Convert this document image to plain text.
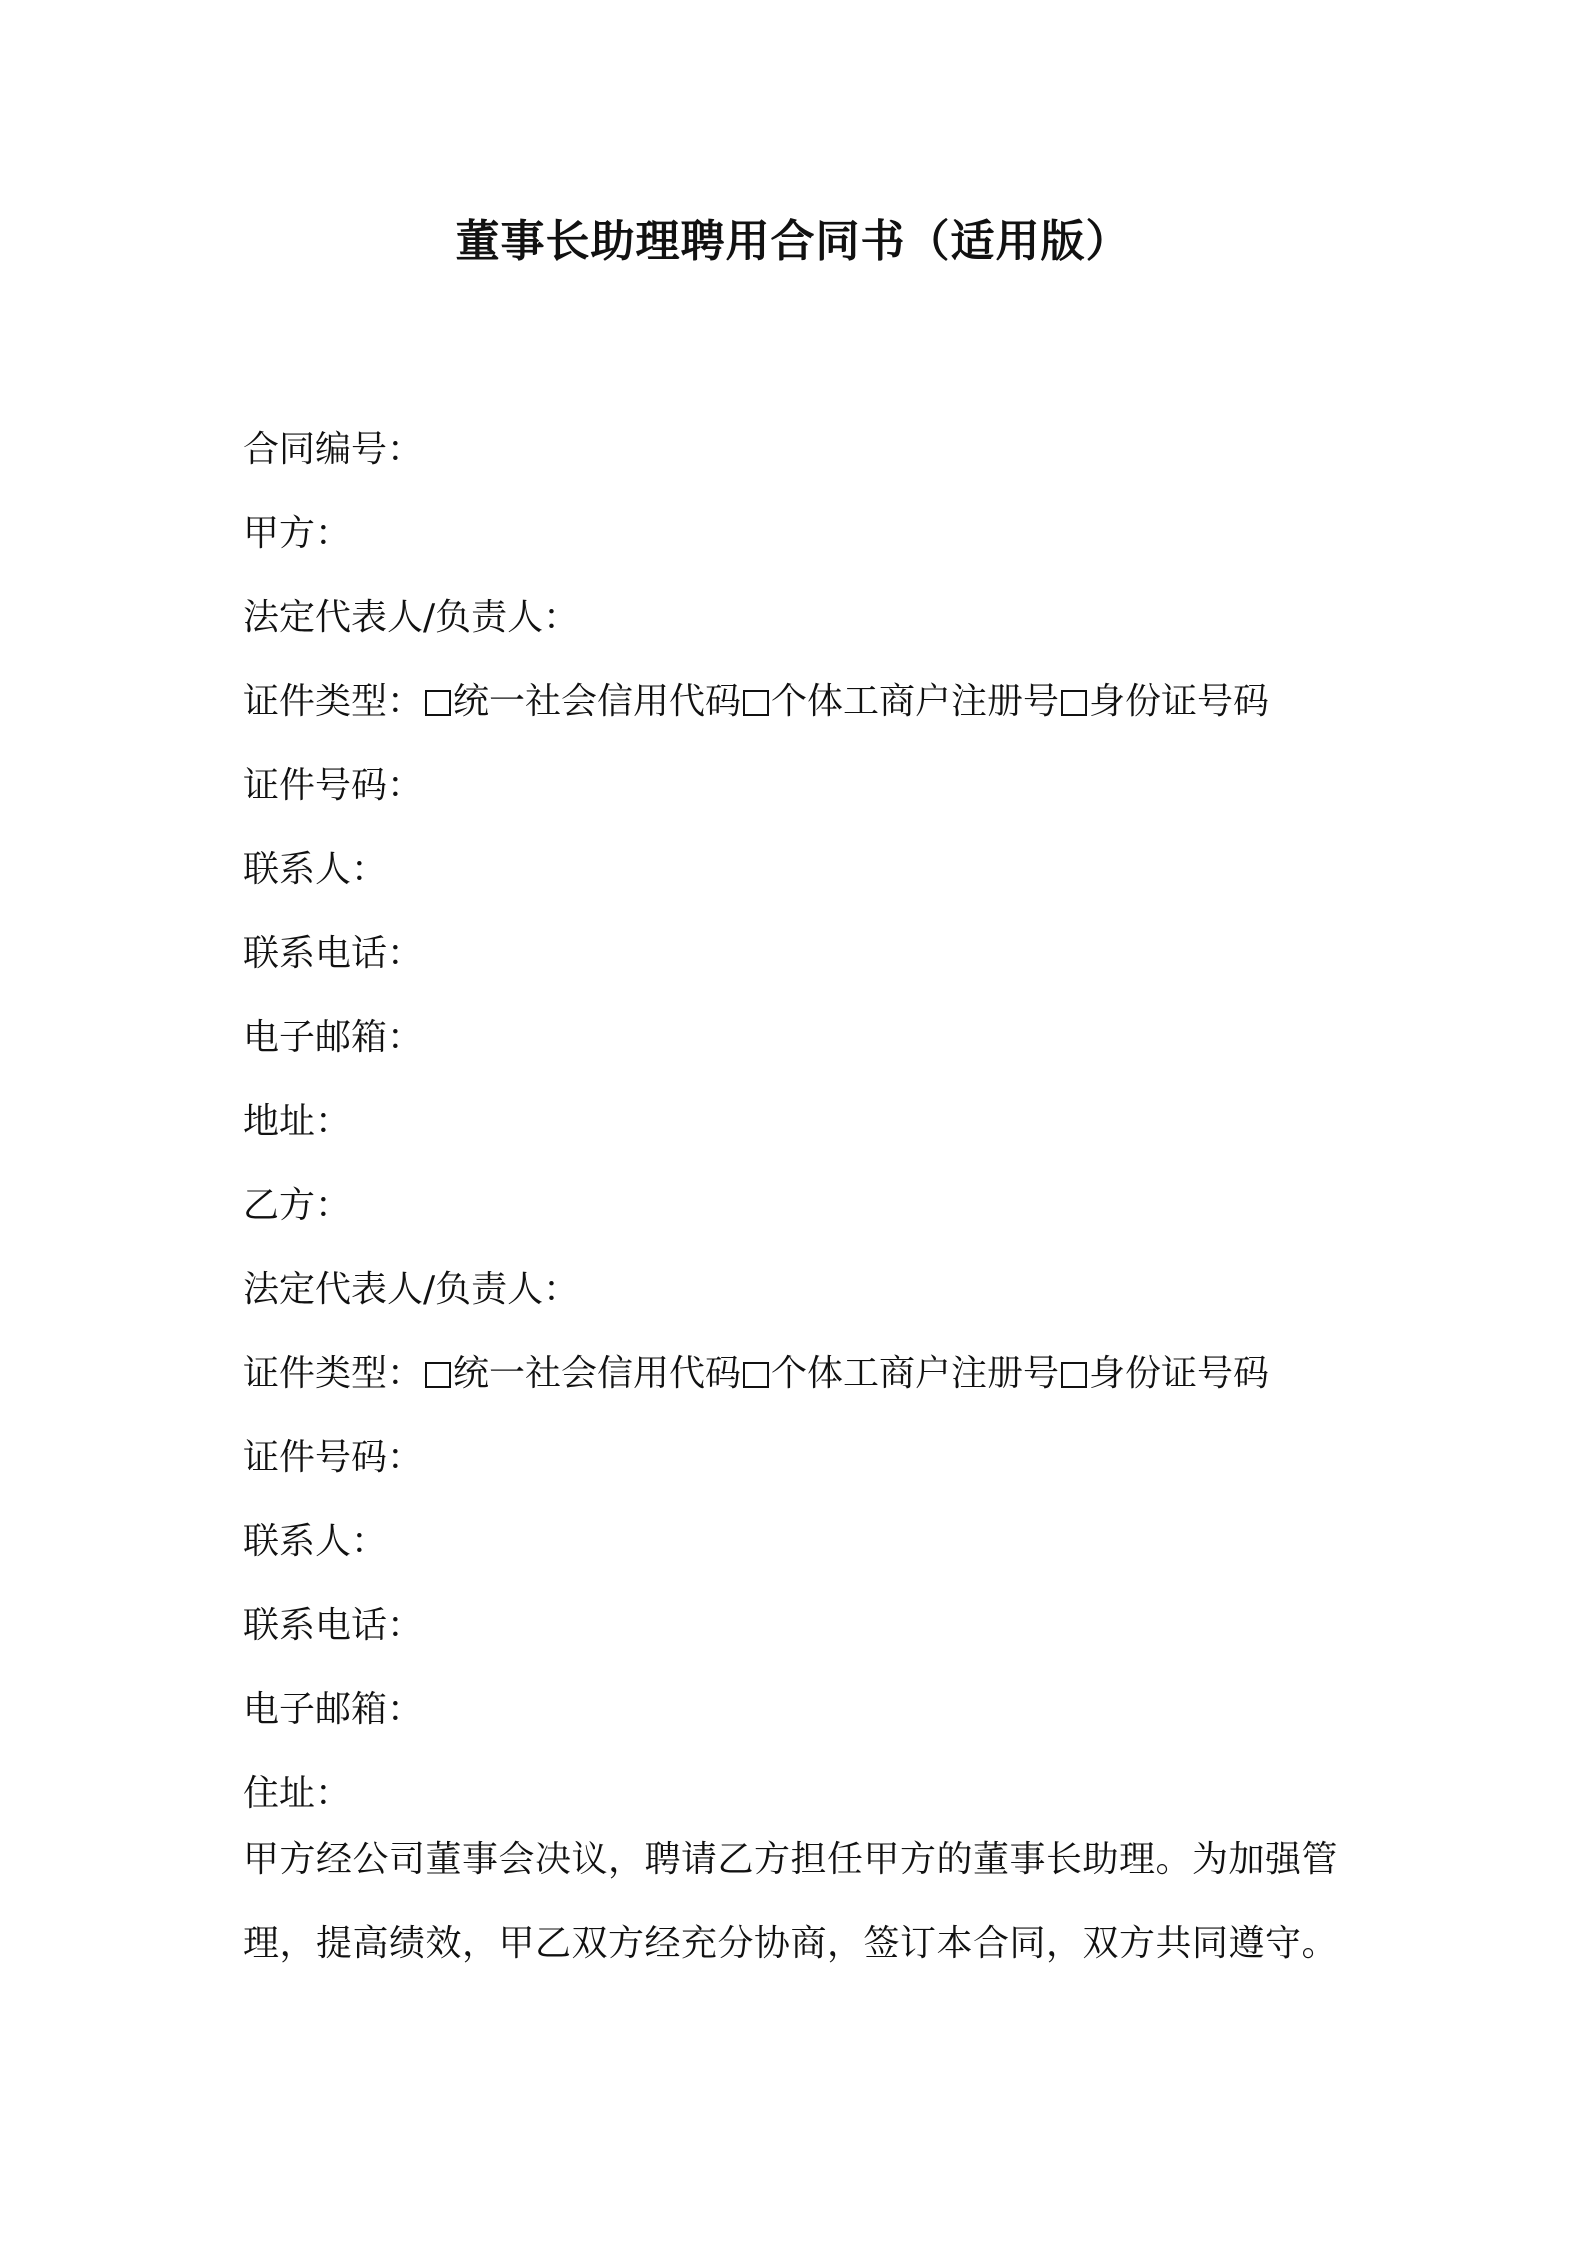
董事长助理聘用合同书（适用版）
合同编号：
甲方：
法定代表人/负责人：
证件类型： 统一社会信用代码 个体工商户注册号 身份证号码
证件号码：
联系人：
联系电话：
电子邮箱：
地址：
乙方：
法定代表人/负责人：
证件类型： 统一社会信用代码 个体工商户注册号 身份证号码
证件号码：
联系人：
联系电话：
电子邮箱：
住址：
甲方经公司董事会决议，聘请乙方担任甲方的董事长助理。为加强管
理，提高绩效，甲乙双方经充分协商，签订本合同，双方共同遵守。
